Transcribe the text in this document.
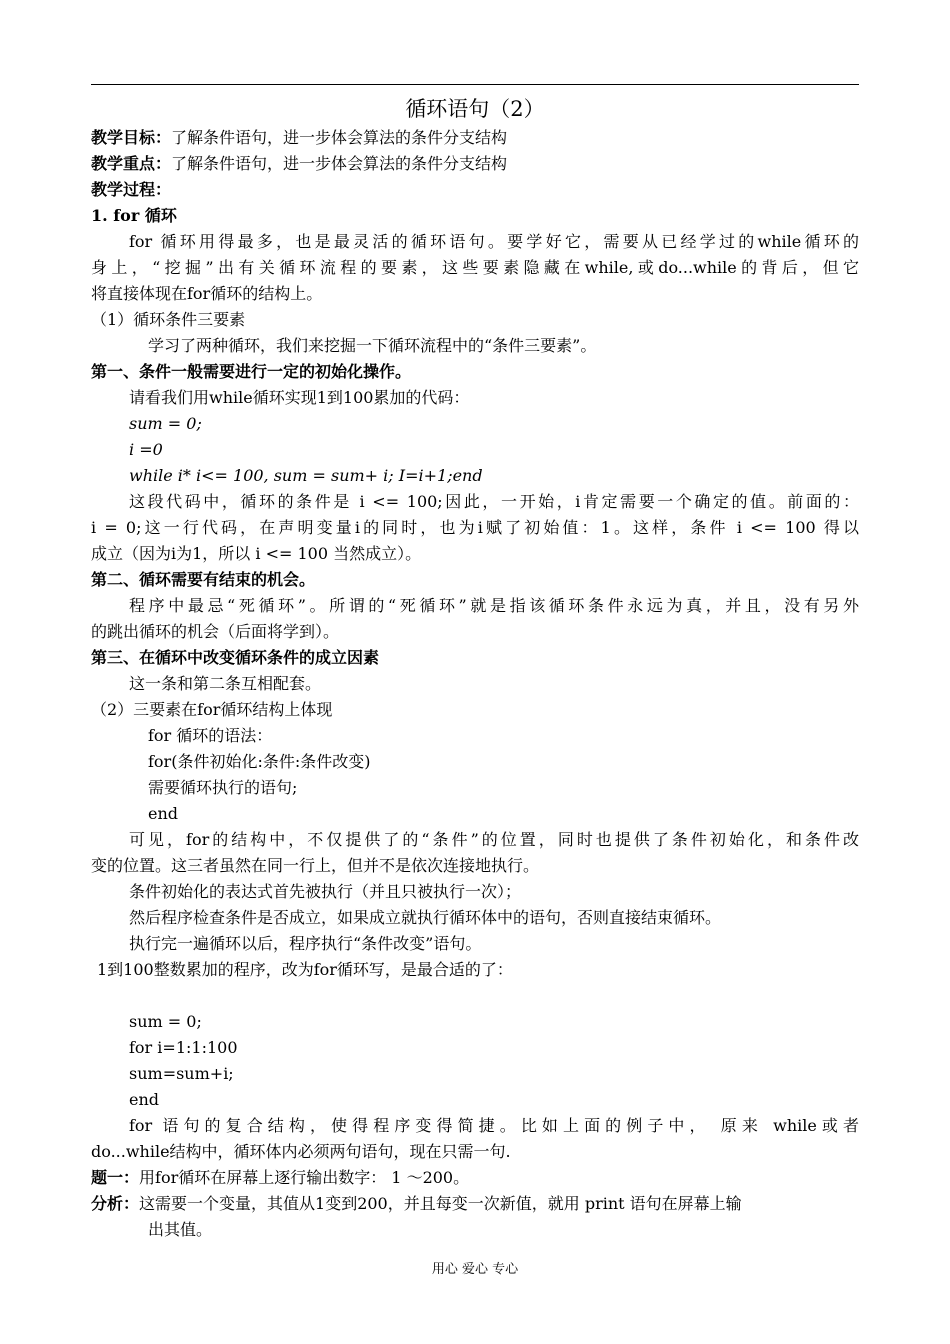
循环语句（2）
教学目标：了解条件语句，进一步体会算法的条件分支结构
教学重点：了解条件语句，进一步体会算法的条件分支结构
教学过程：
1. for 循环
for 循环用得最多，也是最灵活的循环语句。要学好它，需要从已经学过的while循环的
身上，“挖掘”出有关循环流程的要素，这些要素隐藏在while,或do...while的背后，但它
将直接体现在for循环的结构上。
（1）循环条件三要素
学习了两种循环，我们来挖掘一下循环流程中的“条件三要素”。
第一、条件一般需要进行一定的初始化操作。
请看我们用while循环实现1到100累加的代码：
sum = 0;
i =0
while i* i<= 100, sum = sum+ i; I=i+1;end
这段代码中，循环的条件是 i <= 100;因此，一开始，i肯定需要一个确定的值。前面的：
i = 0;这一行代码，在声明变量i的同时，也为i赋了初始值：1。这样，条件 i <= 100 得以
成立（因为i为1，所以 i <= 100 当然成立）。
第二、循环需要有结束的机会。
程序中最忌“死循环”。所谓的“死循环”就是指该循环条件永远为真，并且，没有另外
的跳出循环的机会（后面将学到）。
第三、在循环中改变循环条件的成立因素
这一条和第二条互相配套。
（2）三要素在for循环结构上体现
for 循环的语法：
for(条件初始化:条件:条件改变)
需要循环执行的语句;
end
可见，for的结构中，不仅提供了的“条件”的位置，同时也提供了条件初始化，和条件改
变的位置。这三者虽然在同一行上，但并不是依次连接地执行。
条件初始化的表达式首先被执行（并且只被执行一次）；
然后程序检查条件是否成立，如果成立就执行循环体中的语句，否则直接结束循环。
执行完一遍循环以后，程序执行“条件改变”语句。
1到100整数累加的程序，改为for循环写，是最合适的了：
sum = 0;
for i=1:1:100
sum=sum+i;
end
for 语句的复合结构，使得程序变得简捷。比如上面的例子中， 原来 while或者
do...while结构中，循环体内必须两句语句，现在只需一句.
题一：用for循环在屏幕上逐行输出数字： 1 ～200。
分析：这需要一个变量，其值从1变到200，并且每变一次新值，就用 print 语句在屏幕上输
出其值。
用心 爱心 专心
